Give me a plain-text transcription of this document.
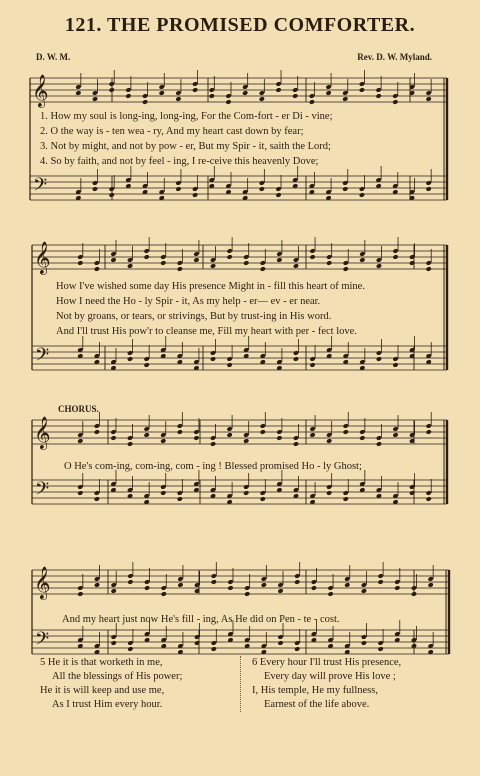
121. THE PROMISED COMFORTER.
D. W. M.	Rev. D. W. Myland.
𝄞
𝄢
𝄞
𝄢
𝄞
𝄢
𝄞
𝄢
1. How my soul is long-ing, long-ing, For the Com-fort - er Di - vine;
2. O the way is - ten wea - ry, And my heart cast down by fear;
3. Not by might, and not by pow - er, But my Spir - it, saith the Lord;
4. So by faith, and not by feel - ing, I re-ceive this heavenly Dove;
How I've wished some day His presence Might in - fill this heart of mine.
How I need the Ho - ly Spir - it, As my help - er— ev - er near.
Not by groans, or tears, or strivings, But by trust-ing in His word.
And I'll trust His pow'r to cleanse me, Fill my heart with per - fect love.
CHORUS.
O He's com-ing, com-ing, com - ing ! Blessed promised Ho - ly Ghost;
And my heart just now He's fill - ing, As He did on Pen - te - cost.
5 He it is that worketh in me,
All the blessings of His power;
He it is will keep and use me,
As I trust Him every hour.
6 Every hour I'll trust His presence,
Every day will prove His love ;
I, His temple, He my fullness,
Earnest of the life above.
